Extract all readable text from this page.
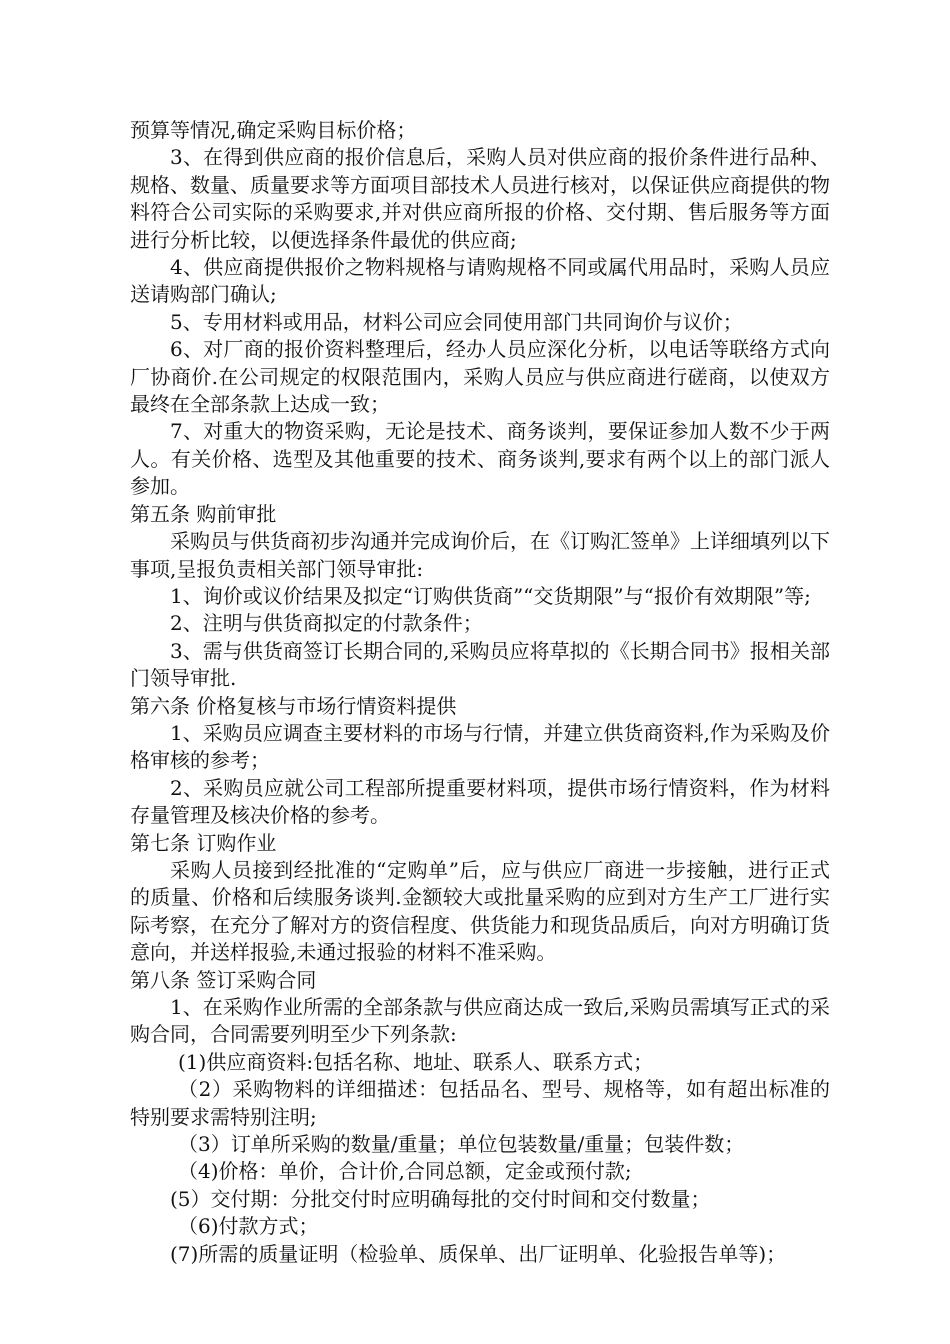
预算等情况,确定采购目标价格；

3、在得到供应商的报价信息后，采购人员对供应商的报价条件进行品种、规格、数量、质量要求等方面项目部技术人员进行核对，以保证供应商提供的物料符合公司实际的采购要求,并对供应商所报的价格、交付期、售后服务等方面进行分析比较，以便选择条件最优的供应商;

4、供应商提供报价之物料规格与请购规格不同或属代用品时，采购人员应送请购部门确认;

5、专用材料或用品，材料公司应会同使用部门共同询价与议价；

6、对厂商的报价资料整理后，经办人员应深化分析，以电话等联络方式向厂协商价.在公司规定的权限范围内，采购人员应与供应商进行磋商，以使双方最终在全部条款上达成一致；

7、对重大的物资采购，无论是技术、商务谈判，要保证参加人数不少于两人。有关价格、选型及其他重要的技术、商务谈判,要求有两个以上的部门派人参加。

第五条 购前审批

采购员与供货商初步沟通并完成询价后，在《订购汇签单》上详细填列以下事项,呈报负责相关部门领导审批:

1、询价或议价结果及拟定“订购供货商”“交货期限”与“报价有效期限”等;

2、注明与供货商拟定的付款条件；

3、需与供货商签订长期合同的,采购员应将草拟的《长期合同书》报相关部门领导审批.

第六条 价格复核与市场行情资料提供

1、采购员应调查主要材料的市场与行情，并建立供货商资料,作为采购及价格审核的参考；

2、采购员应就公司工程部所提重要材料项，提供市场行情资料，作为材料存量管理及核决价格的参考。

第七条 订购作业

采购人员接到经批准的“定购单”后，应与供应厂商进一步接触，进行正式的质量、价格和后续服务谈判.金额较大或批量采购的应到对方生产工厂进行实际考察，在充分了解对方的资信程度、供货能力和现货品质后，向对方明确订货意向，并送样报验,未通过报验的材料不准采购。

第八条 签订采购合同

1、在采购作业所需的全部条款与供应商达成一致后,采购员需填写正式的采购合同，合同需要列明至少下列条款:

(1)供应商资料:包括名称、地址、联系人、联系方式；

（2）采购物料的详细描述：包括品名、型号、规格等，如有超出标准的特别要求需特别注明;

（3）订单所采购的数量/重量；单位包装数量/重量；包装件数；

（4)价格：单价，合计价,合同总额，定金或预付款;

(5）交付期：分批交付时应明确每批的交付时间和交付数量；

（6)付款方式；

(7)所需的质量证明（检验单、质保单、出厂证明单、化验报告单等)；
